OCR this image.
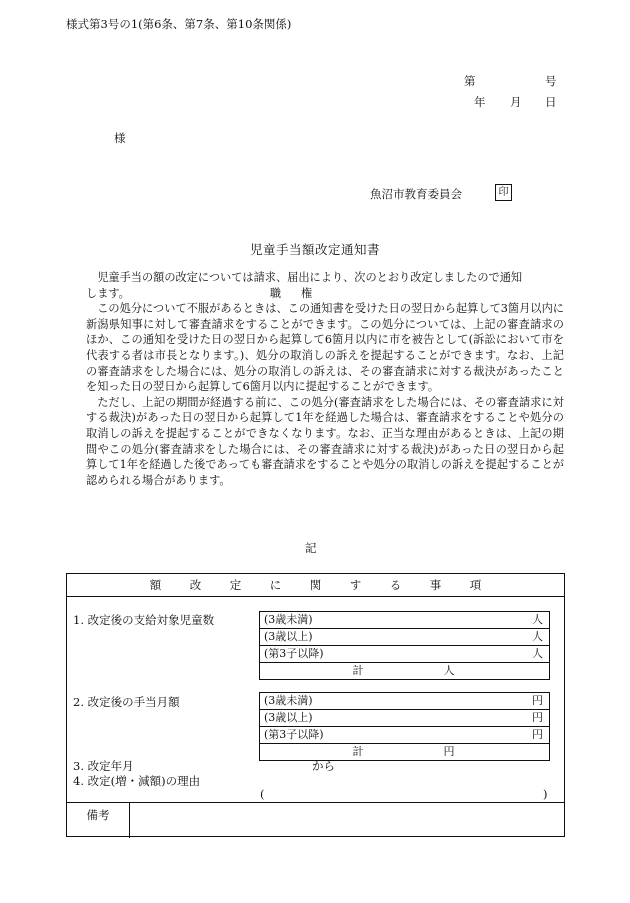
様式第3号の1(第6条、第7条、第10条関係)
第	号
年 月 日
様
魚沼市教育委員会	印
児童手当額改定通知書

児童手当の額の改定については請求、届出により、次のとおり改定しましたので通知

します。	職権

この処分について不服があるときは、この通知書を受けた日の翌日から起算して3箇月以内に新潟県知事に対して審査請求をすることができます。この処分については、上記の審査請求のほか、この通知を受けた日の翌日から起算して6箇月以内に市を被告として(訴訟において市を代表する者は市長となります。)、処分の取消しの訴えを提起することができます。なお、上記の審査請求をした場合には、処分の取消しの訴えは、その審査請求に対する裁決があったことを知った日の翌日から起算して6箇月以内に提起することができます。

ただし、上記の期間が経過する前に、この処分(審査請求をした場合には、その審査請求に対する裁決)があった日の翌日から起算して1年を経過した場合は、審査請求をすることや処分の取消しの訴えを提起することができなくなります。なお、正当な理由があるときは、上記の期間やこの処分(審査請求をした場合には、その審査請求に対する裁決)があった日の翌日から起算して1年を経過した後であっても審査請求をすることや処分の取消しの訴えを提起することが認められる場合があります。

記
額	改	定	に	関	す	る	事	項
1. 改定後の支給対象児童数	(3歳未満)	人
(3歳以上)	人
(第3子以降)	人
計	人
2. 改定後の手当月額	(3歳未満)	円
(3歳以上)	円
(第3子以降)	円
計	円
3. 改定年月	から
4. 改定(増・減額)の理由
(	)
備考
